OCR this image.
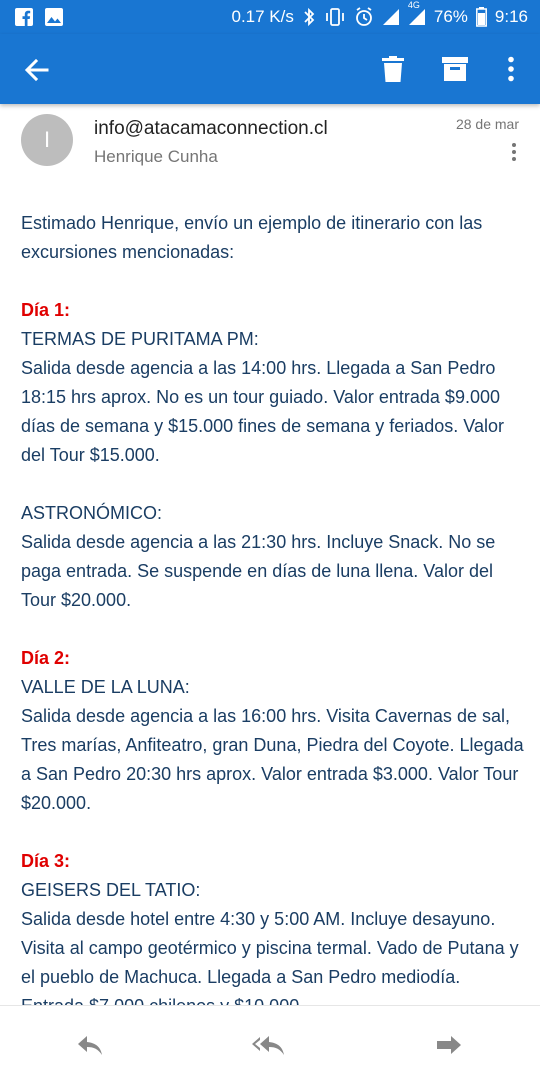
0.17 K/s
4G
76% 9:16
I	info@atacamaconnection.cl
Henrique Cunha
28 de mar

Estimado Henrique, envío un ejemplo de itinerario con las excursiones mencionadas:

Día 1:

TERMAS DE PURITAMA PM:

Salida desde agencia a las 14:00 hrs. Llegada a San Pedro 18:15 hrs aprox. No es un tour guiado. Valor entrada $9.000 días de semana y $15.000 fines de semana y feriados. Valor del Tour $15.000.

ASTRONÓMICO:

Salida desde agencia a las 21:30 hrs. Incluye Snack. No se paga entrada. Se suspende en días de luna llena. Valor del Tour $20.000.

Día 2:

VALLE DE LA LUNA:

Salida desde agencia a las 16:00 hrs. Visita Cavernas de sal, Tres marías, Anfiteatro, gran Duna, Piedra del Coyote. Llegada a San Pedro 20:30 hrs aprox. Valor entrada $3.000. Valor Tour $20.000.

Día 3:

GEISERS DEL TATIO:

Salida desde hotel entre 4:30 y 5:00 AM. Incluye desayuno. Visita al campo geotérmico y piscina termal. Vado de Putana y el pueblo de Machuca. Llegada a San Pedro mediodía.
